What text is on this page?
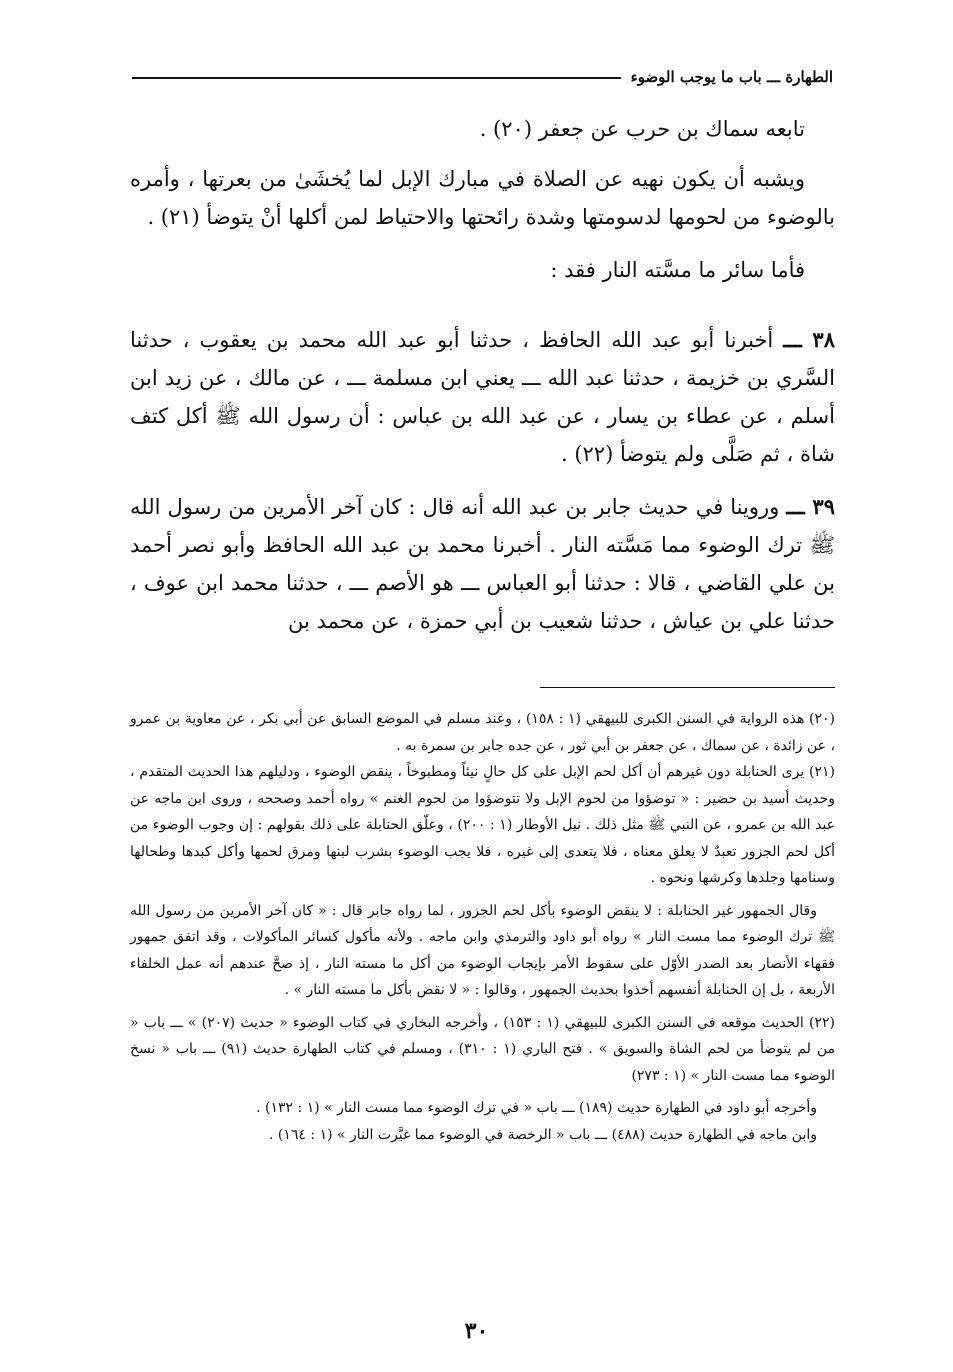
الطهارة ـــ باب ما يوجب الوضوء

تابعه سماك بن حرب عن جعفر (٢٠) .

ويشبه أن يكون نهيه عن الصلاة في مبارك الإبل لما يُخشَىٰ من بعرتها ، وأمره بالوضوء من لحومها لدسومتها وشدة رائحتها والاحتياط لمن أكلها أنْ يتوضأ (٢١) .

فأما سائر ما مسَّته النار فقد :

٣٨ ـــ أخبرنا أبو عبد الله الحافظ ، حدثنا أبو عبد الله محمد بن يعقوب ، حدثنا السَّري بن خزيمة ، حدثنا عبد الله ـــ يعني ابن مسلمة ـــ ، عن مالك ، عن زيد ابن أسلم ، عن عطاء بن يسار ، عن عبد الله بن عباس : أن رسول الله ﷺ أكل كتف شاة ، ثم صَلَّى ولم يتوضأ (٢٢) .

٣٩ ـــ وروينا في حديث جابر بن عبد الله أنه قال : كان آخر الأمرين من رسول الله ﷺ ترك الوضوء مما مَسَّته النار . أخبرنا محمد بن عبد الله الحافظ وأبو نصر أحمد بن علي القاضي ، قالا : حدثنا أبو العباس ـــ هو الأصم ـــ ، حدثنا محمد ابن عوف ، حدثنا علي بن عياش ، حدثنا شعيب بن أبي حمزة ، عن محمد بن

(٢٠) هذه الرواية في السنن الكبرى للبيهقي (١ : ١٥٨) ، وعند مسلم في الموضع السابق عن أبي بكر ، عن معاوية بن عمرو ، عن زائدة ، عن سماك ، عن جعفر بن أبي ثور ، عن جده جابر بن سمرة به .

(٢١) يرى الحنابلة دون غيرهم أن أكل لحم الإبل على كل حالٍ نيئاً ومطبوخاً ، ينقض الوضوء ، ودليلهم هذا الحديث المتقدم ، وحديث أسيد بن حضير : « توضؤوا من لحوم الإبل ولا تتوضؤوا من لحوم الغنم » رواه أحمد وصححه ، وروى ابن ماجه عن عبد الله بن عمرو ، عن النبي ﷺ مثل ذلك . نيل الأوطار (١ : ٢٠٠) ، وعلّق الحنابلة على ذلك بقولهم : إن وجوب الوضوء من أكل لحم الجزور تعبدٌ لا يعلق معناه ، فلا يتعدى إلى غيره ، فلا يجب الوضوء بشرب لبنها ومرق لحمها وأكل كبدها وطحالها وسنامها وجلدها وكرشها ونحوه .

وقال الجمهور غير الحنابلة : لا ينقض الوضوء بأكل لحم الجزور ، لما رواه جابر قال : « كان آخر الأمرين من رسول الله ﷺ ترك الوضوء مما مست النار » رواه أبو داود والترمذي وابن ماجه . ولأنه مأكول كسائر المأكولات ، وقد اتفق جمهور فقهاء الأنصار بعد الصدر الأوّل على سقوط الأمر بإيجاب الوضوء من أكل ما مسته النار ، إذ صحَّ عندهم أنه عمل الخلفاء الأربعة ، بل إن الحنابلة أنفسهم أخذوا بحديث الجمهور ، وقالوا : « لا نقض بأكل ما مسته النار » .

(٢٢) الحديث موقعه في السنن الكبرى للبيهقي (١ : ١٥٣) ، وأخرجه البخاري في كتاب الوضوء « حديث (٢٠٧) » ـــ باب « من لم يتوضأ من لحم الشاة والسويق » . فتح الباري (١ : ٣١٠) ، ومسلم في كتاب الطهارة حديث (٩١) ـــ باب « نسخ الوضوء مما مست النار » (١ : ٢٧٣)

وأخرجه أبو داود في الطهارة حديث (١٨٩) ـــ باب « في ترك الوضوء مما مست النار » (١ : ١٣٢) .

وابن ماجه في الطهارة حديث (٤٨٨) ـــ باب « الرخصة في الوضوء مما غيَّرت النار » (١ : ١٦٤) .

٣٠
